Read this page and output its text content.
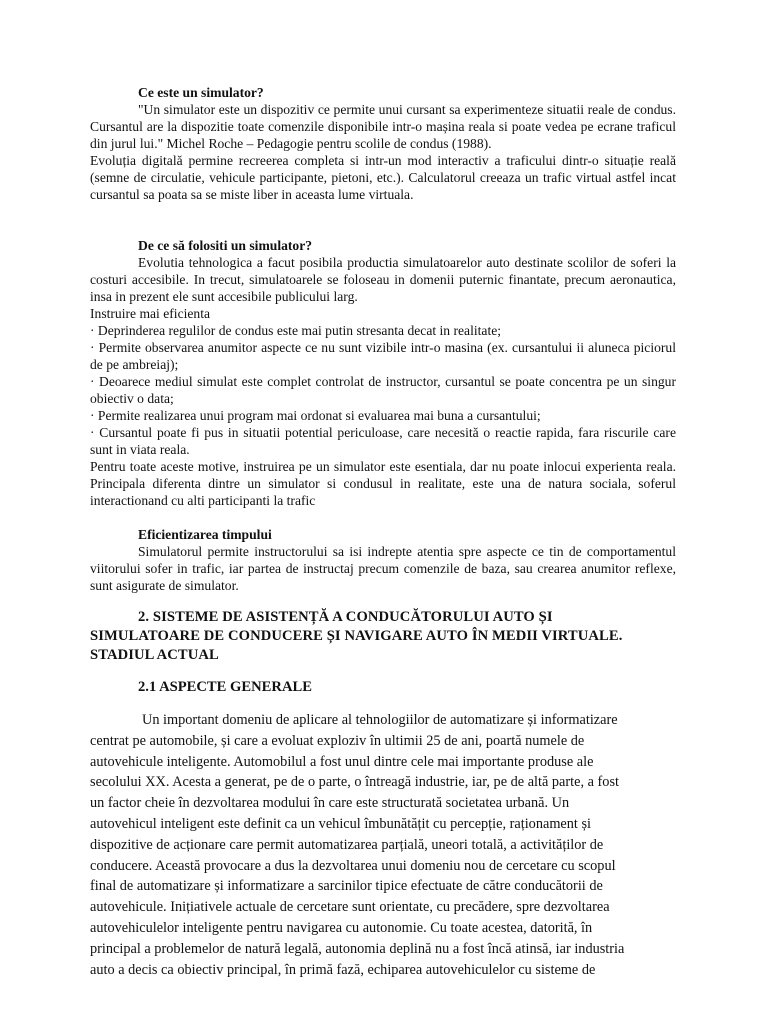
Ce este un simulator?

"Un simulator este un dispozitiv ce permite unui cursant sa experimenteze situatii reale de condus. Cursantul are la dispozitie toate comenzile disponibile intr-o mașina reala si poate vedea pe ecrane traficul din jurul lui." Michel Roche – Pedagogie pentru scolile de condus (1988).

Evoluția digitală permine recreerea completa si intr-un mod interactiv a traficului dintr-o situație reală (semne de circulatie, vehicule participante, pietoni, etc.). Calculatorul creeaza un trafic virtual astfel incat cursantul sa poata sa se miste liber in aceasta lume virtuala.

De ce să folositi un simulator?

Evolutia tehnologica a facut posibila productia simulatoarelor auto destinate scolilor de soferi la costuri accesibile. In trecut, simulatoarele se foloseau in domenii puternic finantate, precum aeronautica, insa in prezent ele sunt accesibile publicului larg.

Instruire mai eficienta

· Deprinderea regulilor de condus este mai putin stresanta decat in realitate;

· Permite observarea anumitor aspecte ce nu sunt vizibile intr-o masina (ex. cursantului ii aluneca piciorul de pe ambreiaj);

· Deoarece mediul simulat este complet controlat de instructor, cursantul se poate concentra pe un singur obiectiv o data;

· Permite realizarea unui program mai ordonat si evaluarea mai buna a cursantului;

· Cursantul poate fi pus in situatii potential periculoase, care necesită o reactie rapida, fara riscurile care sunt in viata reala.

Pentru toate aceste motive, instruirea pe un simulator este esentiala, dar nu poate inlocui experienta reala. Principala diferenta dintre un simulator si condusul in realitate, este una de natura sociala, soferul interactionand cu alti participanti la trafic

Eficientizarea timpului

Simulatorul permite instructorului sa isi indrepte atentia spre aspecte ce tin de comportamentul viitorului sofer in trafic, iar partea de instructaj precum comenzile de baza, sau crearea anumitor reflexe, sunt asigurate de simulator.

2. SISTEME DE ASISTENȚĂ A CONDUCĂTORULUI AUTO ȘI
SIMULATOARE DE CONDUCERE ȘI NAVIGARE AUTO ÎN MEDII VIRTUALE.
STADIUL ACTUAL
2.1 ASPECTE GENERALE
Un important domeniu de aplicare al tehnologiilor de automatizare și informatizare
centrat pe automobile, și care a evoluat exploziv în ultimii 25 de ani, poartă numele de
autovehicule inteligente. Automobilul a fost unul dintre cele mai importante produse ale
secolului XX. Acesta a generat, pe de o parte, o întreagă industrie, iar, pe de altă parte, a fost
un factor cheie în dezvoltarea modului în care este structurată societatea urbană. Un
autovehicul inteligent este definit ca un vehicul îmbunătățit cu percepție, raționament și
dispozitive de acționare care permit automatizarea parțială, uneori totală, a activităților de
conducere. Această provocare a dus la dezvoltarea unui domeniu nou de cercetare cu scopul
final de automatizare și informatizare a sarcinilor tipice efectuate de către conducătorii de
autovehicule. Inițiativele actuale de cercetare sunt orientate, cu precădere, spre dezvoltarea
autovehiculelor inteligente pentru navigarea cu autonomie. Cu toate acestea, datorită, în
principal a problemelor de natură legală, autonomia deplină nu a fost încă atinsă, iar industria
auto a decis ca obiectiv principal, în primă fază, echiparea autovehiculelor cu sisteme de
